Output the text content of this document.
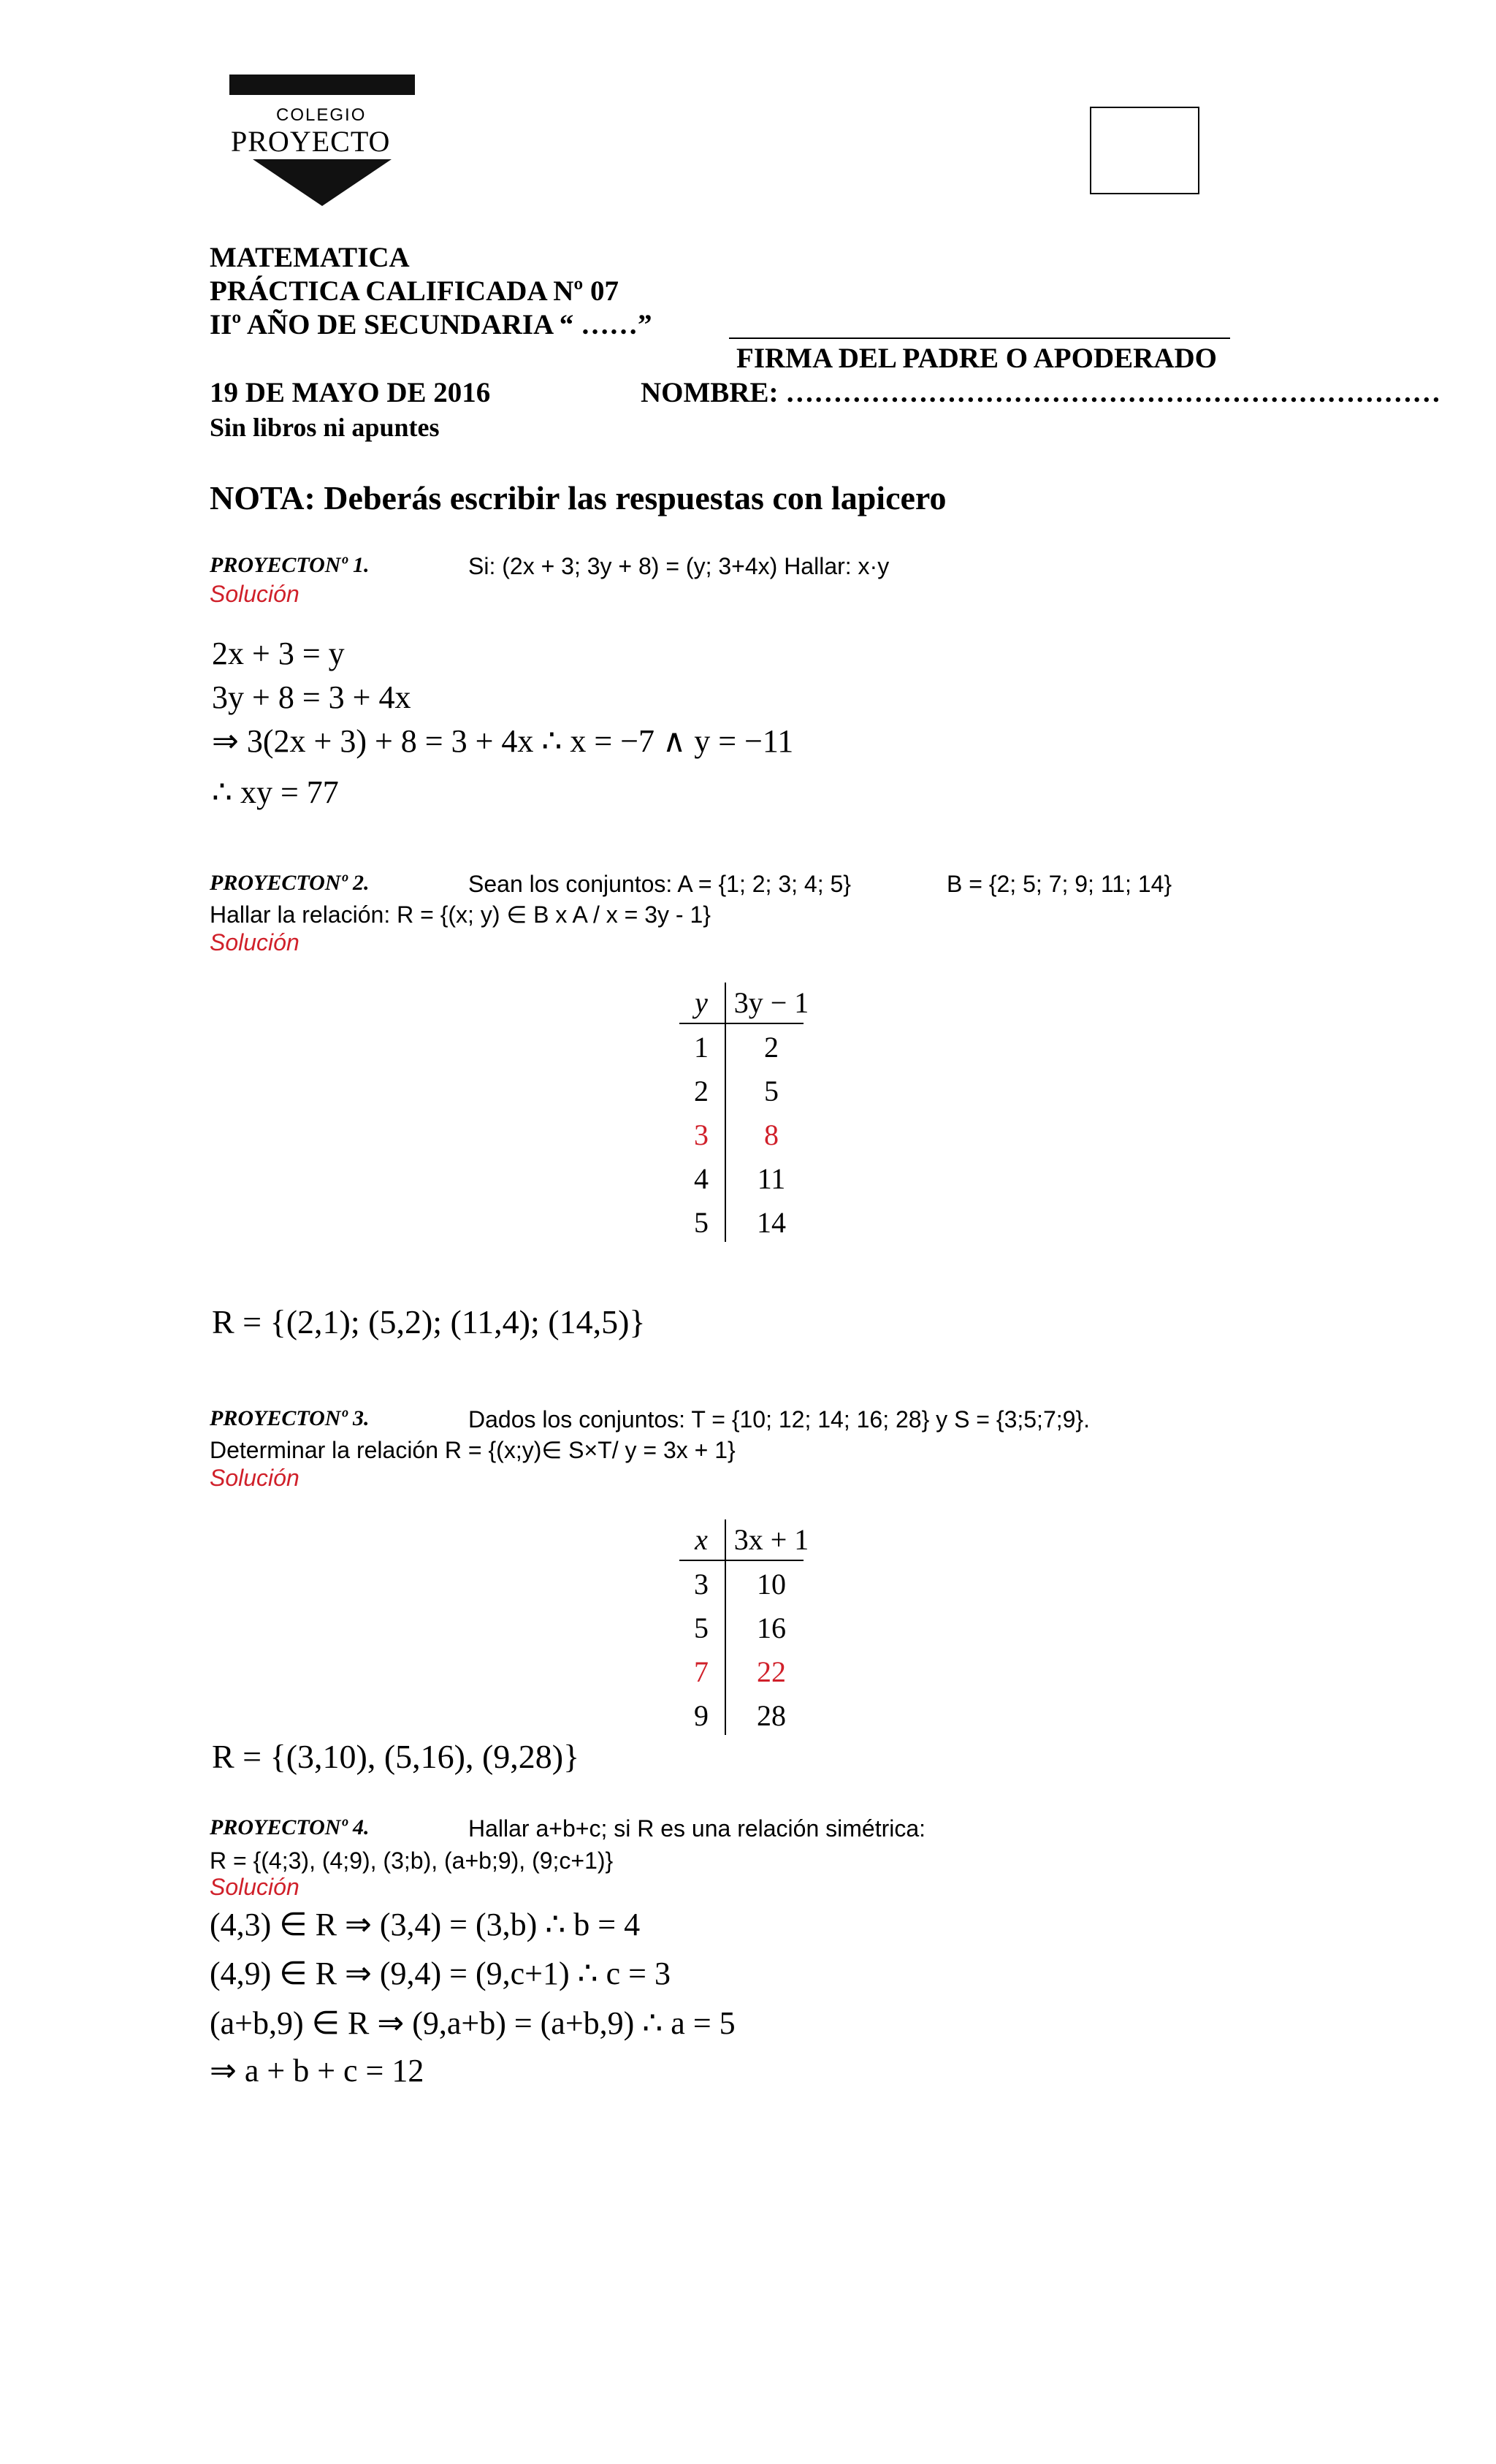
COLEGIO
PROYECTO
MATEMATICA
PRÁCTICA CALIFICADA Nº 07
IIº AÑO DE SECUNDARIA “ ……”
FIRMA DEL PADRE O APODERADO
19 DE MAYO DE 2016	NOMBRE: ……………………………………………………………
Sin libros ni apuntes
NOTA: Deberás escribir las respuestas con lapicero
PROYECTONº 1.	Si: (2x + 3; 3y + 8) = (y; 3+4x) Hallar: x·y
Solución
2x + 3 = y
3y + 8 = 3 + 4x
⇒ 3(2x + 3) + 8 = 3 + 4x ∴ x = −7 ∧ y = −11
∴ xy = 77
PROYECTONº 2.	Sean los conjuntos: A = {1; 2; 3; 4; 5}	B = {2; 5; 7; 9; 11; 14}
Hallar la relación: R = {(x; y) ∈ B x A / x = 3y - 1}
Solución
y 3y − 1
1	2
2	5
3	8
4	11
5	14
R = {(2,1); (5,2); (11,4); (14,5)}
PROYECTONº 3.	Dados los conjuntos: T = {10; 12; 14; 16; 28} y S = {3;5;7;9}.
Determinar la relación R = {(x;y)∈ S×T/ y = 3x + 1}
Solución
x 3x + 1
3	10
5	16
7	22
9	28
R = {(3,10), (5,16), (9,28)}
PROYECTONº 4.	Hallar a+b+c; si R es una relación simétrica:
R = {(4;3), (4;9), (3;b), (a+b;9), (9;c+1)}
Solución
(4,3) ∈ R ⇒ (3,4) = (3,b) ∴ b = 4
(4,9) ∈ R ⇒ (9,4) = (9,c+1) ∴ c = 3
(a+b,9) ∈ R ⇒ (9,a+b) = (a+b,9) ∴ a = 5
⇒ a + b + c = 12
